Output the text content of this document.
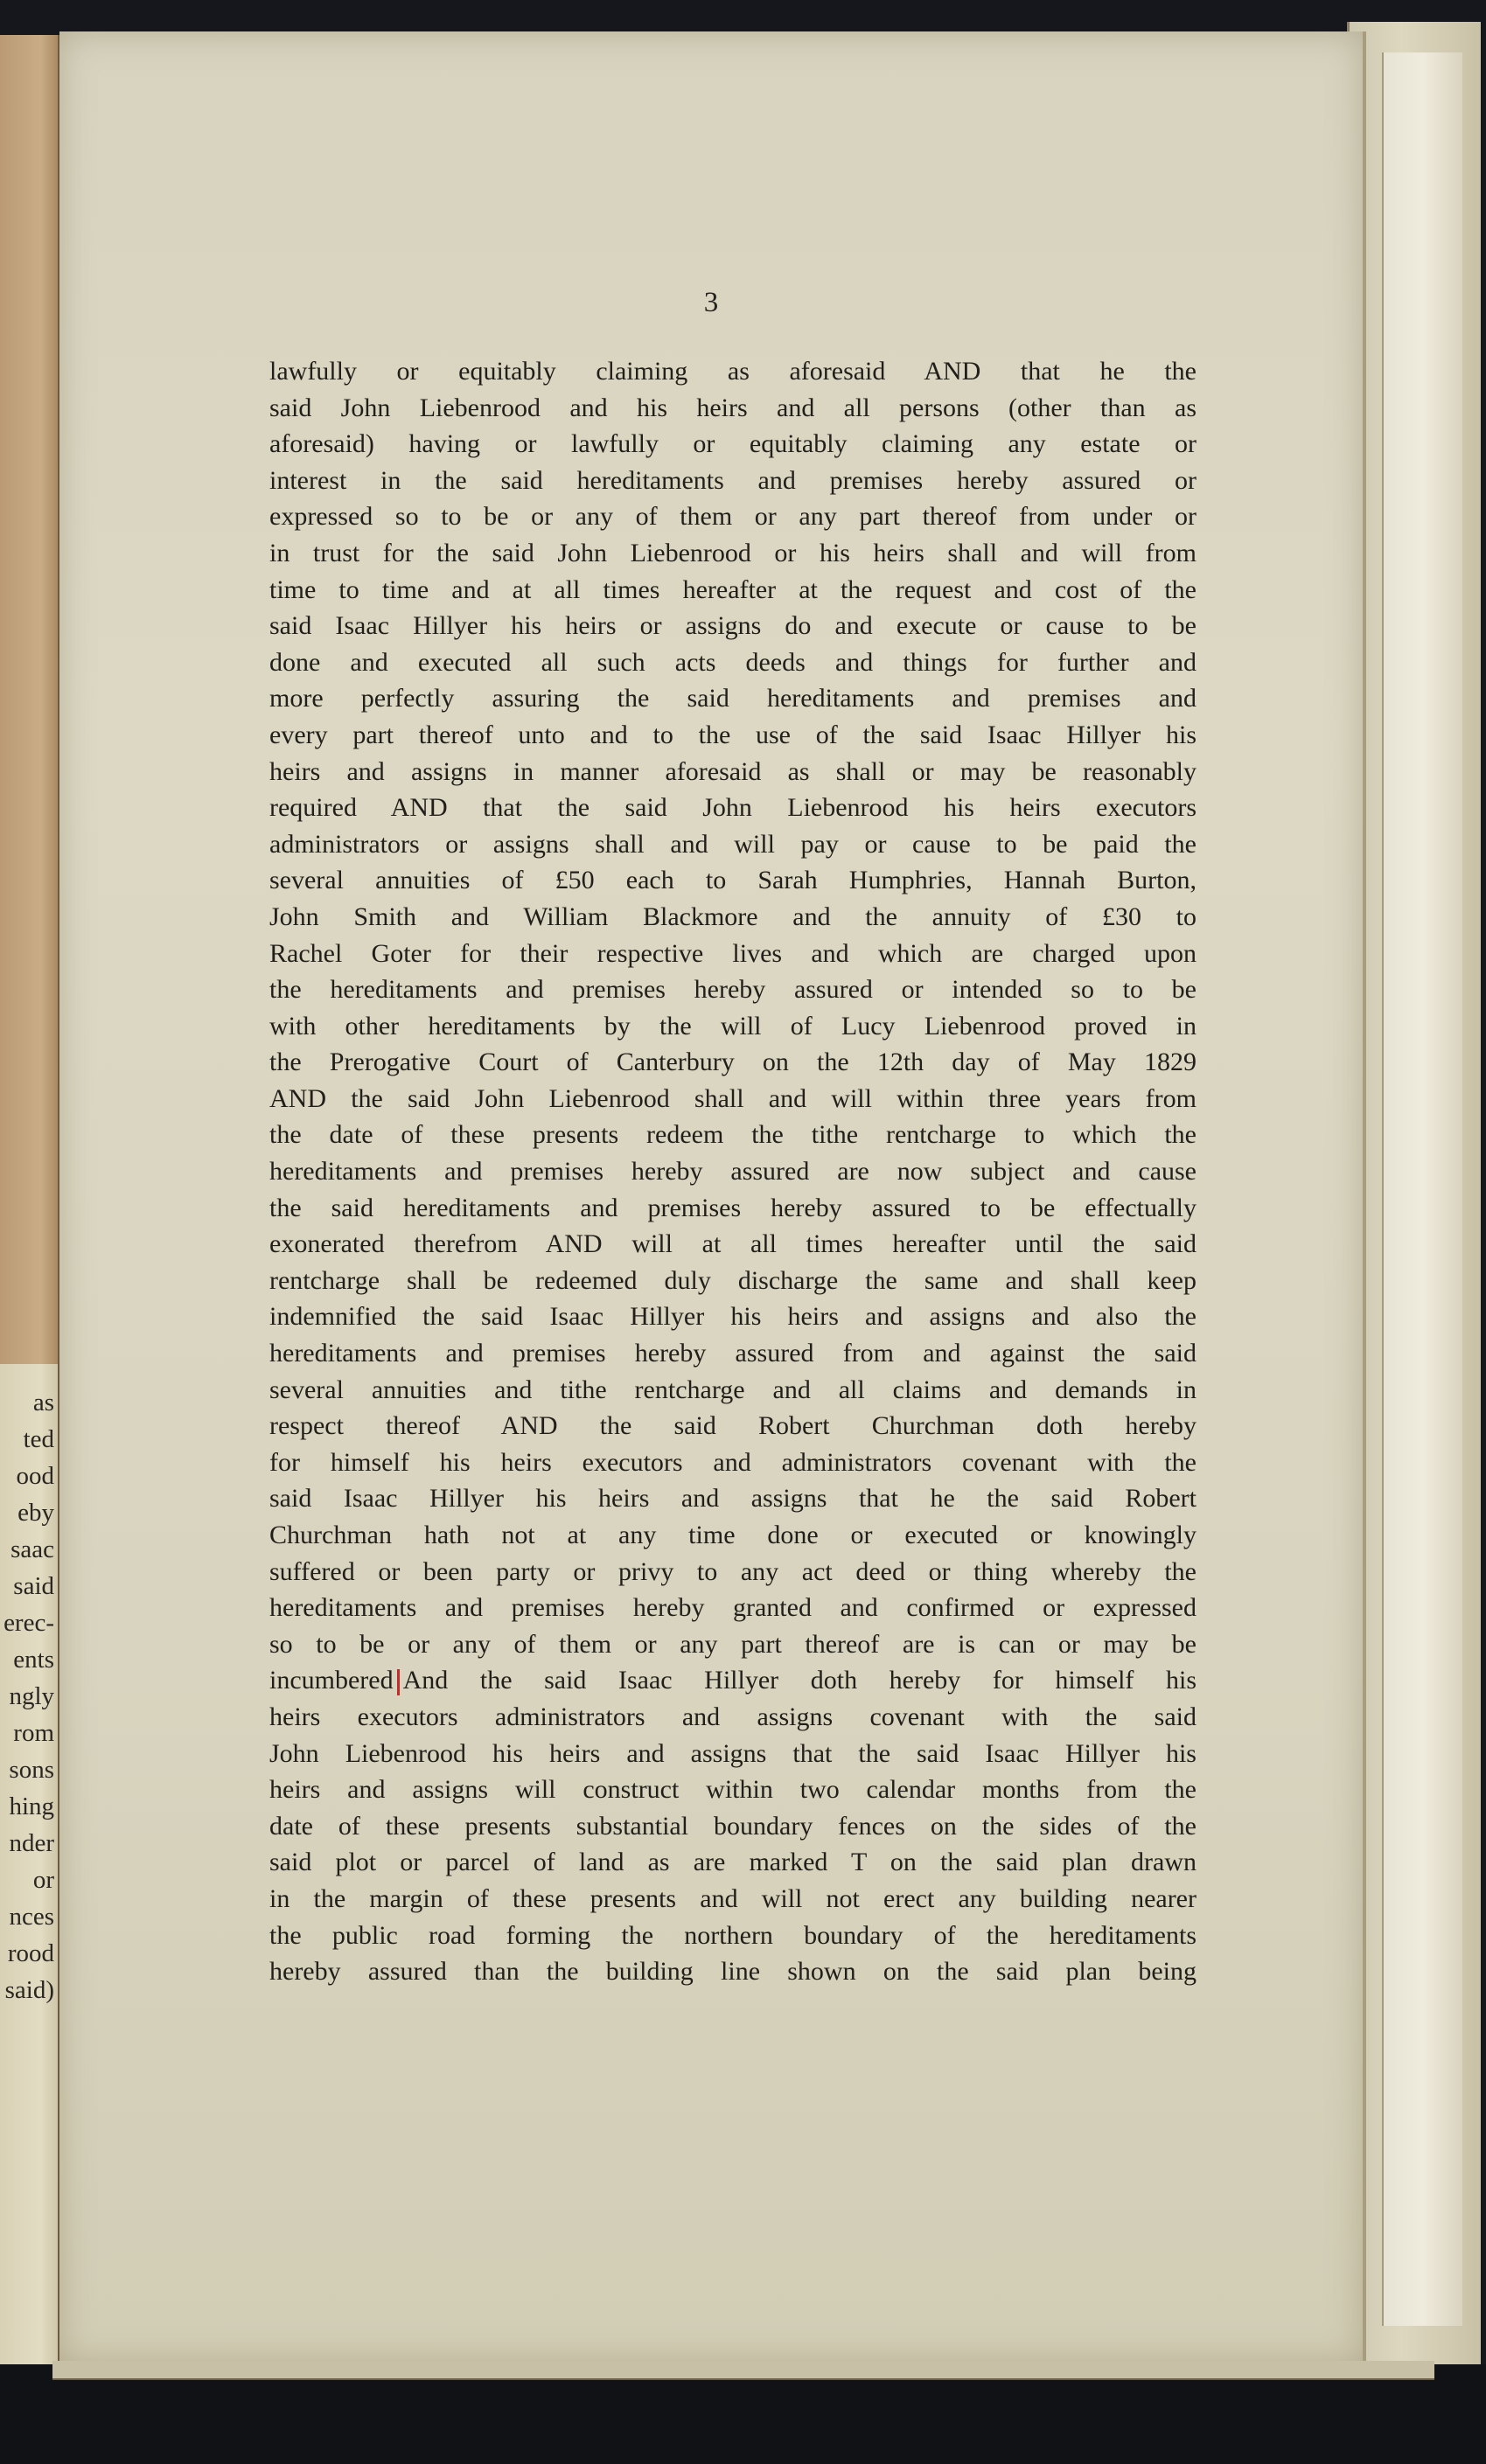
as
ted
ood
eby
saac
said
erec-
ents
ngly
rom
sons
hing
nder
or
nces
rood
said)

3

lawfully or equitably claiming as aforesaid AND that he the
said John Liebenrood and his heirs and all persons (other than as
aforesaid) having or lawfully or equitably claiming any estate or
interest in the said hereditaments and premises hereby assured or
expressed so to be or any of them or any part thereof from under or
in trust for the said John Liebenrood or his heirs shall and will from
time to time and at all times hereafter at the request and cost of the
said Isaac Hillyer his heirs or assigns do and execute or cause to be
done and executed all such acts deeds and things for further and
more perfectly assuring the said hereditaments and premises and
every part thereof unto and to the use of the said Isaac Hillyer his
heirs and assigns in manner aforesaid as shall or may be reasonably
required AND that the said John Liebenrood his heirs executors
administrators or assigns shall and will pay or cause to be paid the
several annuities of £50 each to Sarah Humphries, Hannah Burton,
John Smith and William Blackmore and the annuity of £30 to
Rachel Goter for their respective lives and which are charged upon
the hereditaments and premises hereby assured or intended so to be
with other hereditaments by the will of Lucy Liebenrood proved in
the Prerogative Court of Canterbury on the 12th day of May 1829
AND the said John Liebenrood shall and will within three years from
the date of these presents redeem the tithe rentcharge to which the
hereditaments and premises hereby assured are now subject and cause
the said hereditaments and premises hereby assured to be effectually
exonerated therefrom AND will at all times hereafter until the said
rentcharge shall be redeemed duly discharge the same and shall keep
indemnified the said Isaac Hillyer his heirs and assigns and also the
hereditaments and premises hereby assured from and against the said
several annuities and tithe rentcharge and all claims and demands in
respect thereof AND the said Robert Churchman doth hereby
for himself his heirs executors and administrators covenant with the
said Isaac Hillyer his heirs and assigns that he the said Robert
Churchman hath not at any time done or executed or knowingly
suffered or been party or privy to any act deed or thing whereby the
hereditaments and premises hereby granted and confirmed or expressed
so to be or any of them or any part thereof are is can or may be
incumbered And the said Isaac Hillyer doth hereby for himself his
heirs executors administrators and assigns covenant with the said
John Liebenrood his heirs and assigns that the said Isaac Hillyer his
heirs and assigns will construct within two calendar months from the
date of these presents substantial boundary fences on the sides of the
said plot or parcel of land as are marked T on the said plan drawn
in the margin of these presents and will not erect any building nearer
the public road forming the northern boundary of the hereditaments
hereby assured than the building line shown on the said plan being
